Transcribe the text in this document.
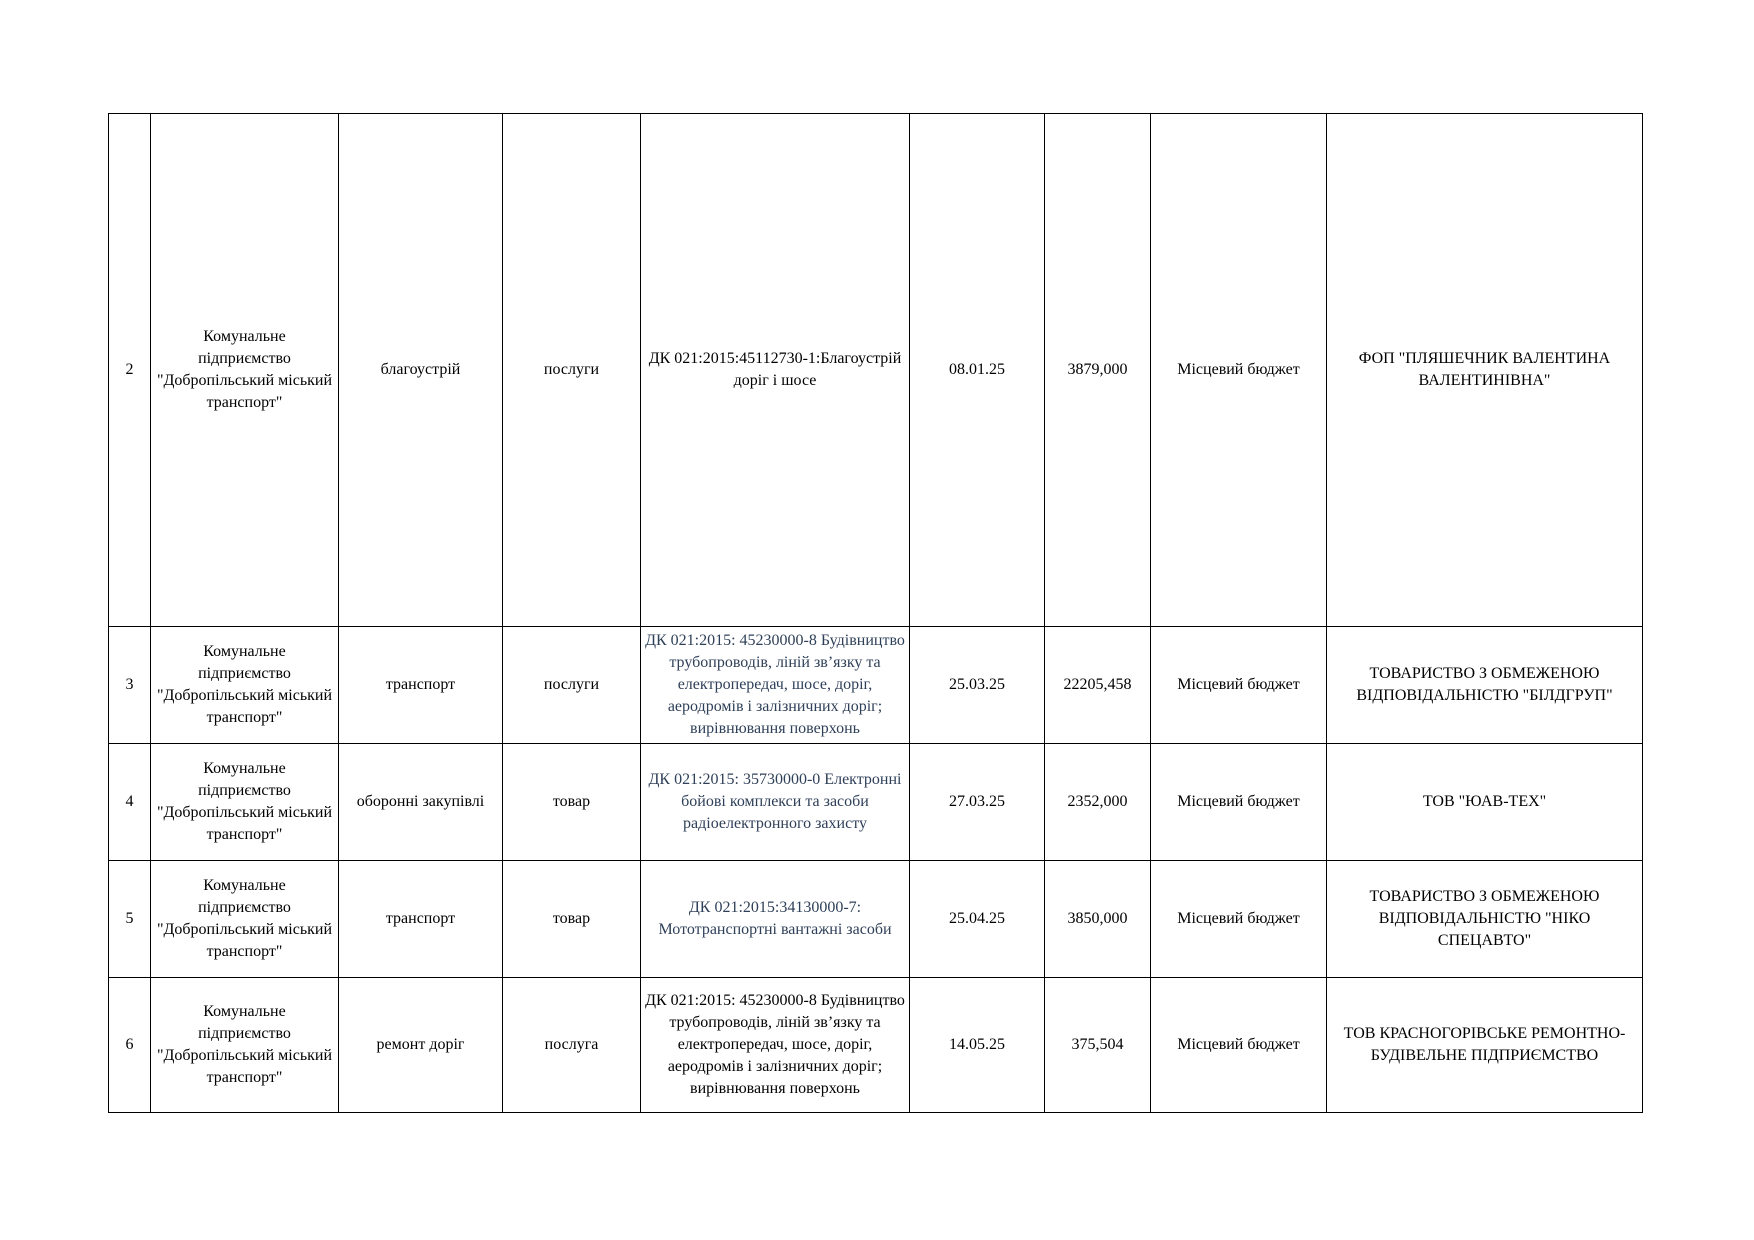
2	Комунальне підприємство "Добропільський міський транспорт"	благоустрій	послуги	ДК 021:2015:45112730-1:Благоустрій доріг і шосе	08.01.25	3879,000	Місцевий бюджет	ФОП "ПЛЯШЕЧНИК ВАЛЕНТИНА ВАЛЕНТИНІВНА"
3	Комунальне підприємство "Добропільський міський транспорт"	транспорт	послуги	ДК 021:2015: 45230000-8 Будівництво трубопроводів, ліній зв’язку та електропередач, шосе, доріг, аеродромів і залізничних доріг; вирівнювання поверхонь	25.03.25	22205,458	Місцевий бюджет	ТОВАРИСТВО З ОБМЕЖЕНОЮ ВІДПОВІДАЛЬНІСТЮ "БІЛДГРУП"
4	Комунальне підприємство "Добропільський міський транспорт"	оборонні закупівлі	товар	ДК 021:2015: 35730000-0 Електронні бойові комплекси та засоби радіоелектронного захисту	27.03.25	2352,000	Місцевий бюджет	ТОВ "ЮАВ-ТЕХ"
5	Комунальне підприємство "Добропільський міський транспорт"	транспорт	товар	ДК 021:2015:34130000-7: Мототранспортні вантажні засоби	25.04.25	3850,000	Місцевий бюджет	ТОВАРИСТВО З ОБМЕЖЕНОЮ ВІДПОВІДАЛЬНІСТЮ "НІКО СПЕЦАВТО"
6	Комунальне підприємство "Добропільський міський транспорт"	ремонт доріг	послуга	ДК 021:2015: 45230000-8 Будівництво трубопроводів, ліній зв’язку та електропередач, шосе, доріг, аеродромів і залізничних доріг; вирівнювання поверхонь	14.05.25	375,504	Місцевий бюджет	ТОВ КРАСНОГОРІВСЬКЕ РЕМОНТНО-БУДІВЕЛЬНЕ ПІДПРИЄМСТВО
